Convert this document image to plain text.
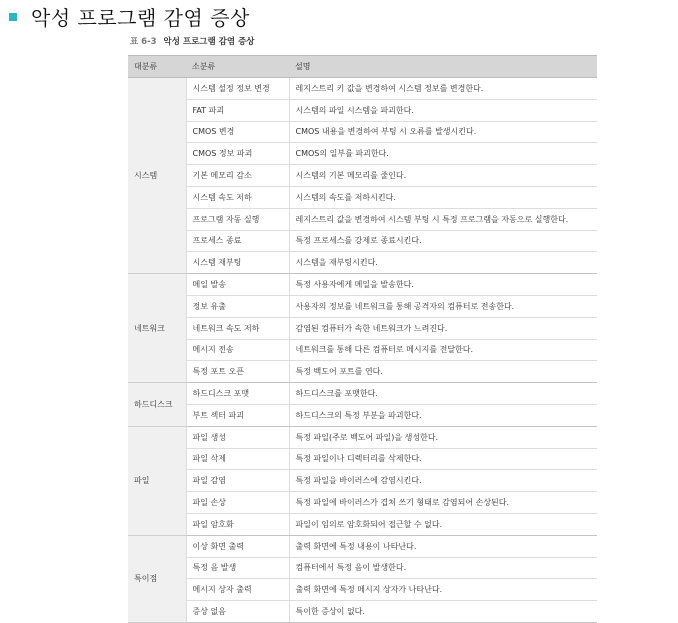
악성 프로그램 감염 증상
표 6-3 악성 프로그램 감염 증상
대분류	소분류	설명
시스템	시스템 설정 정보 변경	레지스트리 키 값을 변경하여 시스템 정보를 변경한다.
	FAT 파괴	시스템의 파일 시스템을 파괴한다.
	CMOS 변경	CMOS 내용을 변경하여 부팅 시 오류를 발생시킨다.
	CMOS 정보 파괴	CMOS의 일부를 파괴한다.
	기본 메모리 감소	시스템의 기본 메모리를 줄인다.
	시스템 속도 저하	시스템의 속도를 저하시킨다.
	프로그램 자동 실행	레지스트리 값을 변경하여 시스템 부팅 시 특정 프로그램을 자동으로 실행한다.
	프로세스 종료	특정 프로세스를 강제로 종료시킨다.
	시스템 재부팅	시스템을 재부팅시킨다.
네트워크	메일 발송	특정 사용자에게 메일을 발송한다.
	정보 유출	사용자의 정보를 네트워크를 통해 공격자의 컴퓨터로 전송한다.
	네트워크 속도 저하	감염된 컴퓨터가 속한 네트워크가 느려진다.
	메시지 전송	네트워크를 통해 다른 컴퓨터로 메시지를 전달한다.
	특정 포트 오픈	특정 백도어 포트를 연다.
하드디스크	하드디스크 포맷	하드디스크를 포맷한다.
	부트 섹터 파괴	하드디스크의 특정 부분을 파괴한다.
파일	파일 생성	특정 파일(주로 백도어 파일)을 생성한다.
	파일 삭제	특정 파일이나 디렉터리를 삭제한다.
	파일 감염	특정 파일을 바이러스에 감염시킨다.
	파일 손상	특정 파일에 바이러스가 겹쳐 쓰기 형태로 감염되어 손상된다.
	파일 암호화	파일이 임의로 암호화되어 접근할 수 없다.
특이점	이상 화면 출력	출력 화면에 특정 내용이 나타난다.
	특정 음 발생	컴퓨터에서 특정 음이 발생한다.
	메시지 상자 출력	출력 화면에 특정 메시지 상자가 나타난다.
	증상 없음	특이한 증상이 없다.
